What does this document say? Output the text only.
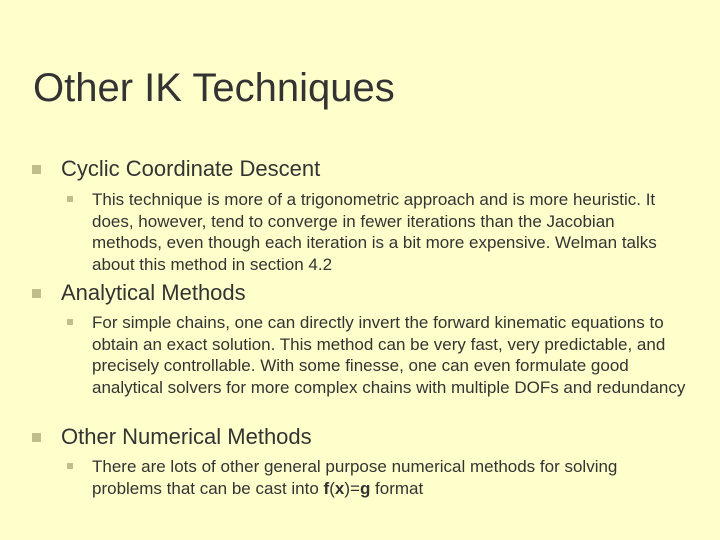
Other IK Techniques
Cyclic Coordinate Descent
This technique is more of a trigonometric approach and is more heuristic. It does, however, tend to converge in fewer iterations than the Jacobian methods, even though each iteration is a bit more expensive. Welman talks about this method in section 4.2
Analytical Methods
For simple chains, one can directly invert the forward kinematic equations to obtain an exact solution. This method can be very fast, very predictable, and precisely controllable. With some finesse, one can even formulate good analytical solvers for more complex chains with multiple DOFs and redundancy
Other Numerical Methods
There are lots of other general purpose numerical methods for solving problems that can be cast into f(x)=g format
